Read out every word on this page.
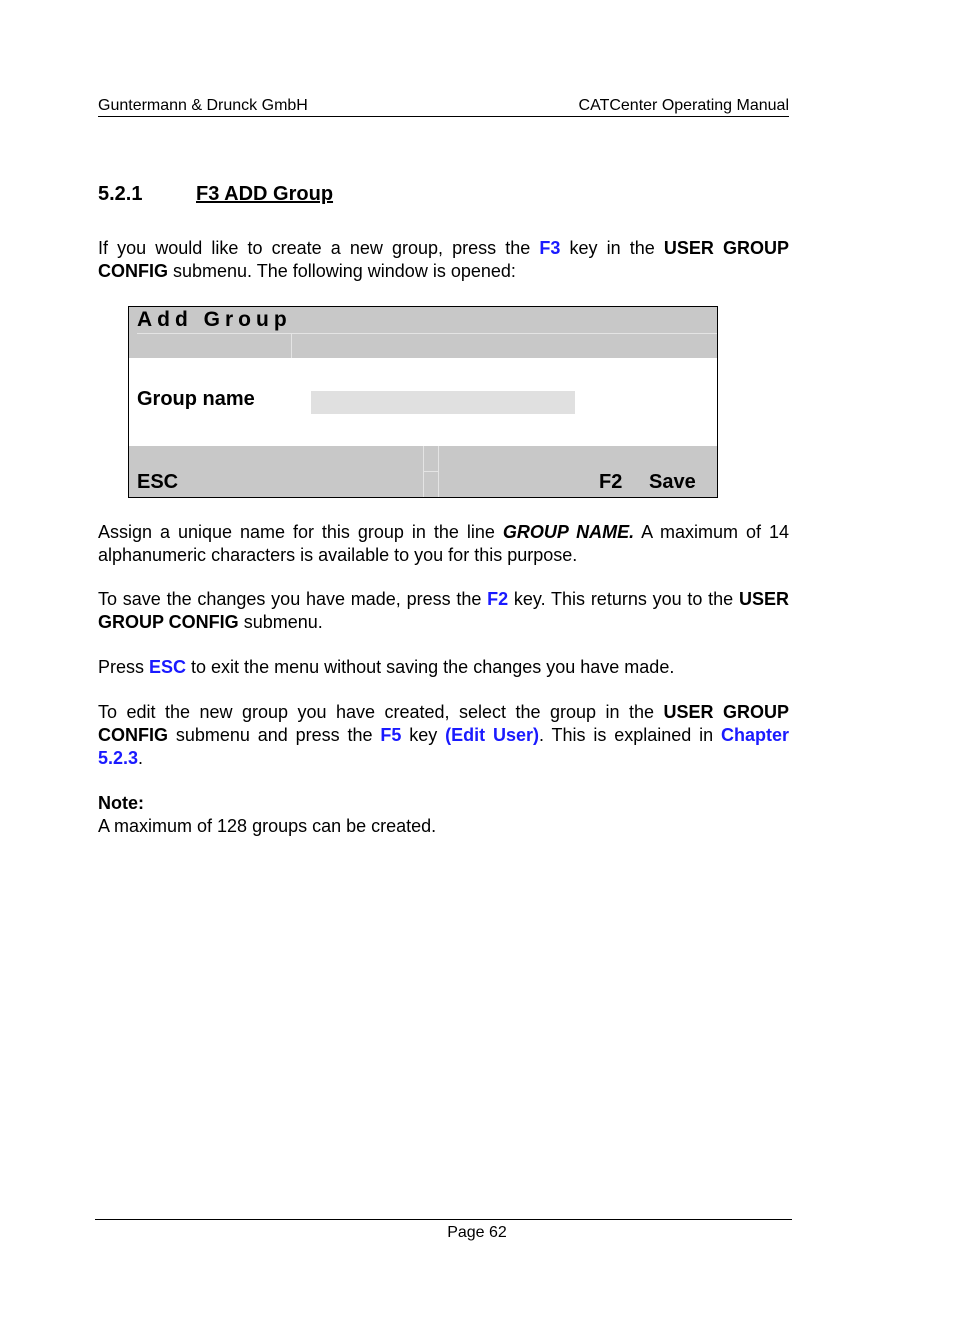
Guntermann & Drunck GmbH	CATCenter Operating Manual
5.2.1	F3 ADD Group

If you would like to create a new group, press the F3 key in the USER GROUP CONFIG submenu. The following window is opened:

Add Group
Group name
ESC	F2 Save

Assign a unique name for this group in the line GROUP NAME. A maximum of 14 alphanumeric characters is available to you for this purpose.

To save the changes you have made, press the F2 key. This returns you to the USER GROUP CONFIG submenu.

Press ESC to exit the menu without saving the changes you have made.

To edit the new group you have created, select the group in the USER GROUP CONFIG submenu and press the F5 key (Edit User). This is explained in Chapter 5.2.3.

Note:

A maximum of 128 groups can be created.

Page 62
